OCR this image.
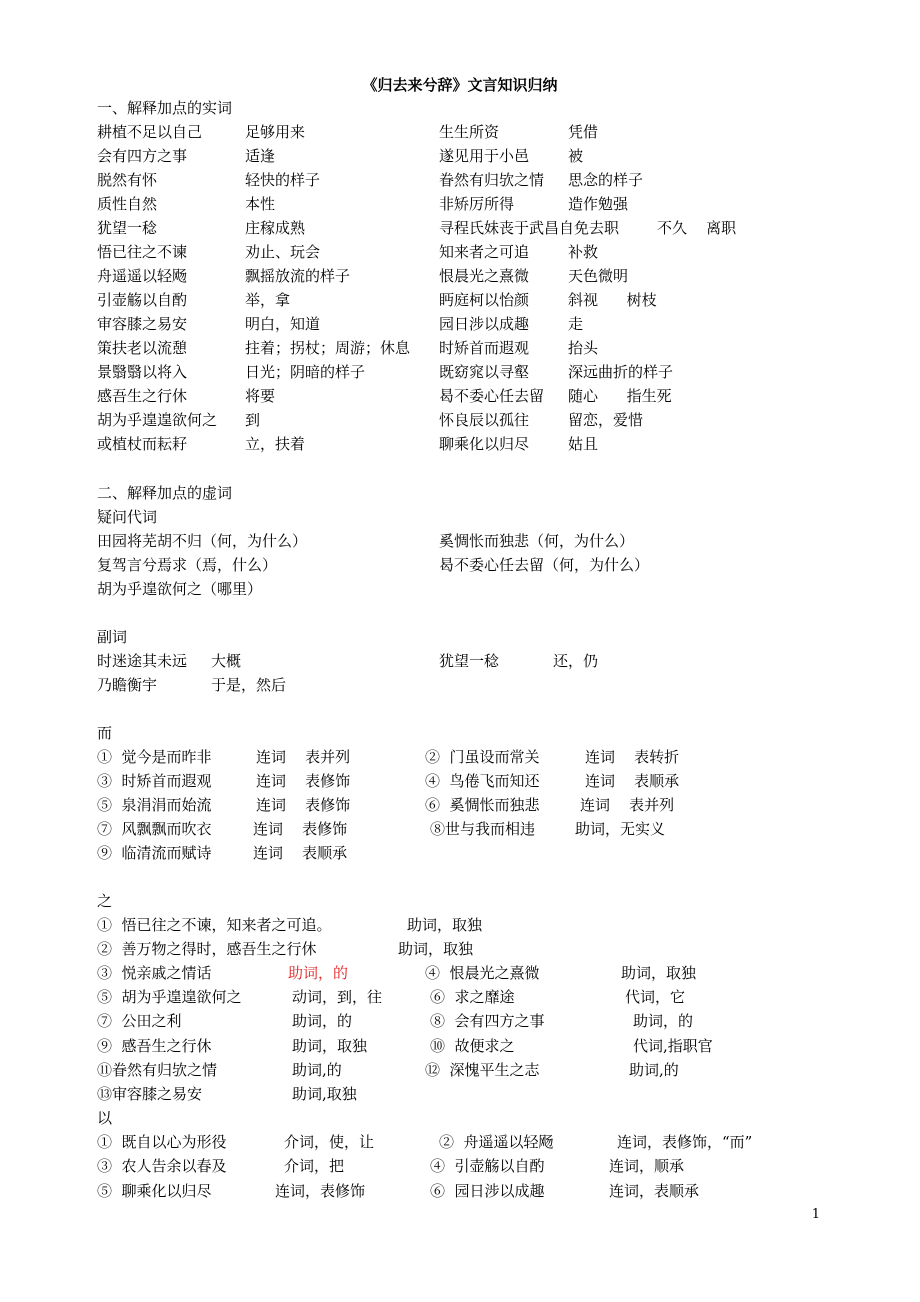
《归去来兮辞》文言知识归纳
一、解释加点的实词
耕植不足以自己	足够用来	生生所资	凭借
会有四方之事	适逢	遂见用于小邑	被
脱然有怀	轻快的样子	眷然有归欤之情 思念的样子
质性自然	本性	非矫厉所得	造作勉强
犹望一稔	庄稼成熟	寻程氏妹丧于武昌自免去职	不久    离职
悟已往之不谏	劝止、玩会	知来者之可追	补救
舟遥遥以轻飏	飘摇放流的样子	恨晨光之熹微	天色微明
引壶觞以自酌	举，拿	眄庭柯以怡颜	斜视      树枝
审容膝之易安	明白，知道	园日涉以成趣	走
策扶老以流憩	拄着；拐杖；周游；休息 时矫首而遐观	抬头
景翳翳以将入	日光；阴暗的样子	既窈窕以寻壑	深远曲折的样子
感吾生之行休	将要	曷不委心任去留 随心      指生死
胡为乎遑遑欲何之 到	怀良辰以孤往	留恋，爱惜
或植杖而耘耔	立，扶着	聊乘化以归尽	姑且
二、解释加点的虚词
疑问代词
田园将芜胡不归（何，为什么）	奚惆怅而独悲（何，为什么）
复驾言兮焉求（焉，什么）	曷不委心任去留（何，为什么）
胡为乎遑欲何之（哪里）
副词
时迷途其未远 大概	犹望一稔	还，仍
乃瞻衡宇	于是，然后
而
①  觉今是而昨非	连词    表并列	②  门虽设而常关	连词    表转折
③  时矫首而遐观	连词    表修饰	④  鸟倦飞而知还	连词    表顺承
⑤  泉涓涓而始流	连词    表修饰	⑥  奚惆怅而独悲	连词    表并列
⑦  风飘飘而吹衣	连词    表修饰	⑧世与我而相违	助词，无实义
⑨  临清流而赋诗	连词    表顺承
之
①  悟已往之不谏，知来者之可追。	助词，取独
②  善万物之得时，感吾生之行休	助词，取独
③  悦亲戚之情话	助词，的	④  恨晨光之熹微	助词，取独
⑤  胡为乎遑遑欲何之	动词，到，往	⑥  求之靡途	代词，它
⑦  公田之利	助词，的	⑧  会有四方之事	助词，的
⑨  感吾生之行休	助词，取独	⑩  故便求之	代词,指职官
⑪眷然有归欤之情	助词,的	⑫  深愧平生之志	助词,的
⑬审容膝之易安	助词,取独
以
①  既自以心为形役	介词，使，让	②  舟遥遥以轻飏	连词，表修饰，“而”
③  农人告余以春及	介词，把	④  引壶觞以自酌	连词，顺承
⑤  聊乘化以归尽	连词，表修饰	⑥  园日涉以成趣	连词，表顺承
1
